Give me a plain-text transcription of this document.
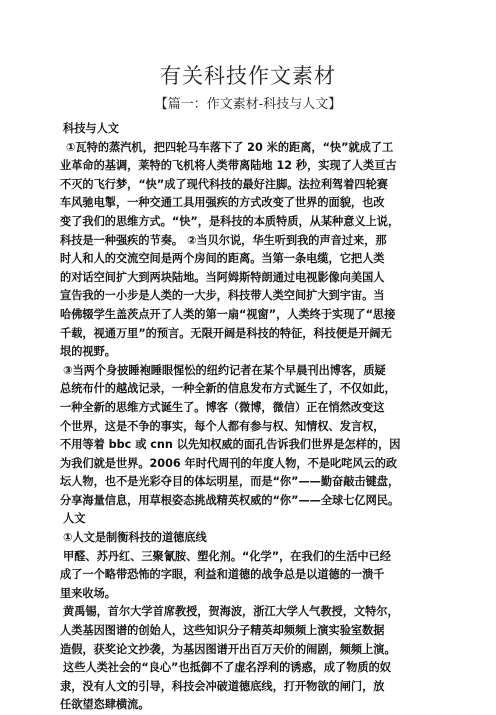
有关科技作文素材
【篇一：作文素材-科技与人文】
科技与人文
①瓦特的蒸汽机，把四轮马车落下了 20 米的距离，“快”就成了工
业革命的基调，莱特的飞机将人类带离陆地 12 秒，实现了人类亘古
不灭的飞行梦，“快”成了现代科技的最好注脚。法拉利驾着四轮赛
车风驰电掣，一种交通工具用强疾的方式改变了世界的面貌，也改
变了我们的思维方式。“快”，是科技的本质特质，从某种意义上说，
科技是一种强疾的节奏。 ②当贝尔说，华生听到我的声音过来，那
时人和人的交流空间是两个房间的距离。当第一条电缆，它把人类
的对话空间扩大到两块陆地。当阿姆斯特朗通过电视影像向美国人
宣告我的一小步是人类的一大步，科技带人类空间扩大到宇宙。当
哈佛辍学生盖茨点开了人类的第一扇“视窗”，人类终于实现了“思接
千载，视通万里”的预言。无限开阔是科技的特征，科技便是开阔无
垠的视野。
③当两个身披睡袍睡眼惺忪的纽约记者在某个早晨刊出博客，质疑
总统布什的越战记录，一种全新的信息发布方式诞生了，不仅如此，
一种全新的思维方式诞生了。博客（微博，微信）正在悄然改变这
个世界，这是不争的事实，每个人都有参与权、知情权、发言权，
不用等着 bbc 或 cnn 以先知权威的面孔告诉我们世界是怎样的，因
为我们就是世界。2006 年时代周刊的年度人物，不是叱咤风云的政
坛人物，也不是光彩夺目的体坛明星，而是“你”——勤奋敲击键盘，
分享海量信息，用草根姿态挑战精英权威的“你”——全球七亿网民。
人文
①人文是制衡科技的道德底线
甲醛、苏丹红、三聚氰胺、塑化剂。“化学”，在我们的生活中已经
成了一个略带恐怖的字眼，利益和道德的战争总是以道德的一溃千
里来收场。
黄禹锡，首尔大学首席教授，贺海波，浙江大学人气教授，文特尔，
人类基因图谱的创始人，这些知识分子精英却频频上演实验室数据
造假，获奖论文抄袭，为基因图谱开出百万天价的闹剧，频频上演。
这些人类社会的“良心”也抵御不了虚名浮利的诱惑，成了物质的奴
隶，没有人文的引导，科技会冲破道德底线，打开物欲的闸门，放
任欲望恣肆横流。
